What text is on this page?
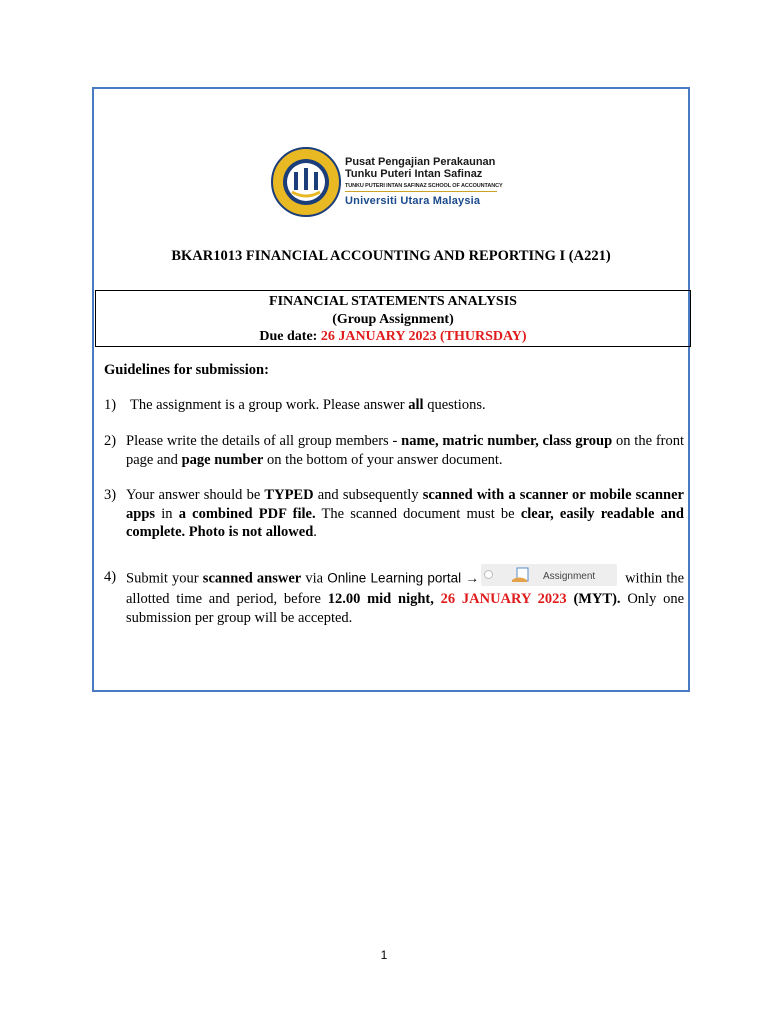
Pusat Pengajian Perakaunan
Tunku Puteri Intan Safinaz
TUNKU PUTERI INTAN SAFINAZ SCHOOL OF ACCOUNTANCY
Universiti Utara Malaysia
BKAR1013 FINANCIAL ACCOUNTING AND REPORTING I (A221)
FINANCIAL STATEMENTS ANALYSIS
(Group Assignment)
Due date: 26 JANUARY 2023 (THURSDAY)
Guidelines for submission:
1) The assignment is a group work. Please answer all questions.
2) Please write the details of all group members - name, matric number, class group on the front page and page number on the bottom of your answer document.
3) Your answer should be TYPED and subsequently scanned with a scanner or mobile scanner apps in a combined PDF file. The scanned document must be clear, easily readable and complete. Photo is not allowed.
4) Submit your scanned answer via Online Learning portal →	Assignment within the allotted time and period, before 12.00 mid night, 26 JANUARY 2023 (MYT). Only one submission per group will be accepted.
1
